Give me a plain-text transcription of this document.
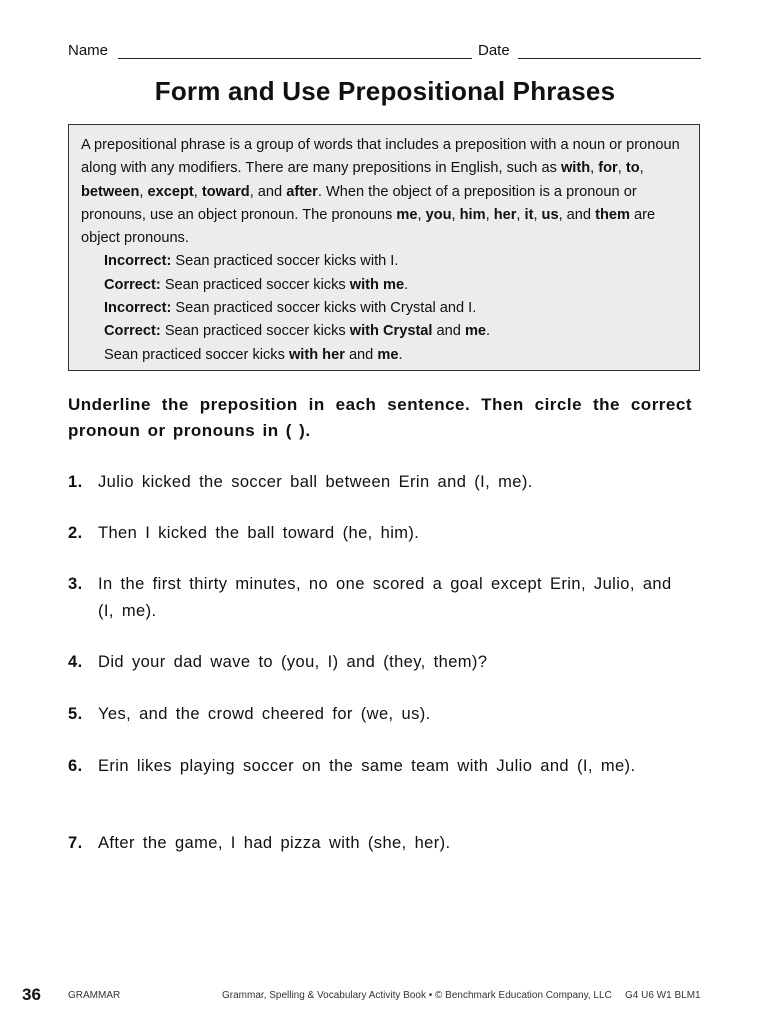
Name	Date
Form and Use Prepositional Phrases

A prepositional phrase is a group of words that includes a preposition with a noun or pronoun along with any modifiers. There are many prepositions in English, such as with, for, to, between, except, toward, and after. When the object of a preposition is a pronoun or pronouns, use an object pronoun. The pronouns me, you, him, her, it, us, and them are object pronouns.

Incorrect: Sean practiced soccer kicks with I.

Correct: Sean practiced soccer kicks with me.

Incorrect: Sean practiced soccer kicks with Crystal and I.

Correct: Sean practiced soccer kicks with Crystal and me.

Sean practiced soccer kicks with her and me.

Underline the preposition in each sentence. Then circle the correct pronoun or pronouns in ( ).
1. Julio kicked the soccer ball between Erin and (I, me).
2. Then I kicked the ball toward (he, him).
3. In the first thirty minutes, no one scored a goal except Erin, Julio, and (I, me).
4. Did your dad wave to (you, I) and (they, them)?
5. Yes, and the crowd cheered for (we, us).
6. Erin likes playing soccer on the same team with Julio and (I, me).
7. After the game, I had pizza with (she, her).
36	GRAMMAR	Grammar, Spelling & Vocabulary Activity Book • © Benchmark Education Company, LLC G4 U6 W1 BLM1
